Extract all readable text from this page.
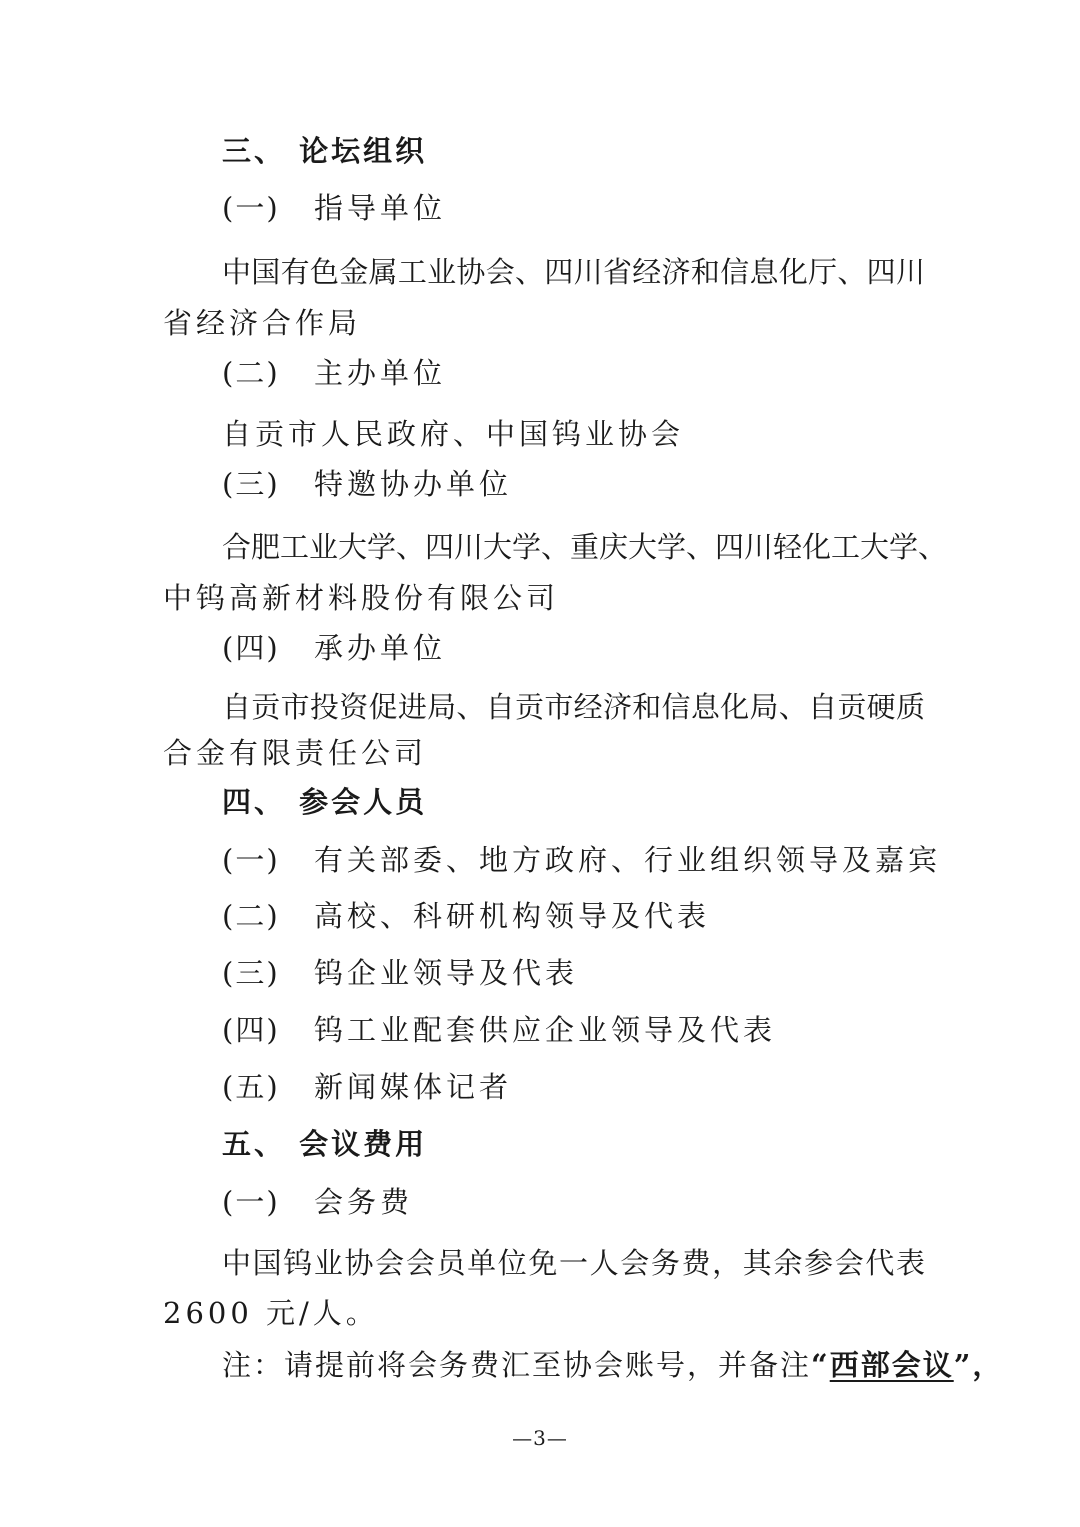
三、 论坛组织
(一) 指导单位
中国有色金属工业协会、四川省经济和信息化厅、四川
省经济合作局
(二) 主办单位
自贡市人民政府、中国钨业协会
(三) 特邀协办单位
合肥工业大学、四川大学、重庆大学、四川轻化工大学、
中钨高新材料股份有限公司
(四) 承办单位
自贡市投资促进局、自贡市经济和信息化局、自贡硬质
合金有限责任公司
四、 参会人员
(一) 有关部委、地方政府、行业组织领导及嘉宾
(二) 高校、科研机构领导及代表
(三) 钨企业领导及代表
(四) 钨工业配套供应企业领导及代表
(五) 新闻媒体记者
五、 会议费用
(一) 会务费
中国钨业协会会员单位免一人会务费，其余参会代表
2600 元/人。
注：请提前将会务费汇至协会账号，并备注“西部会议”，
—3—
